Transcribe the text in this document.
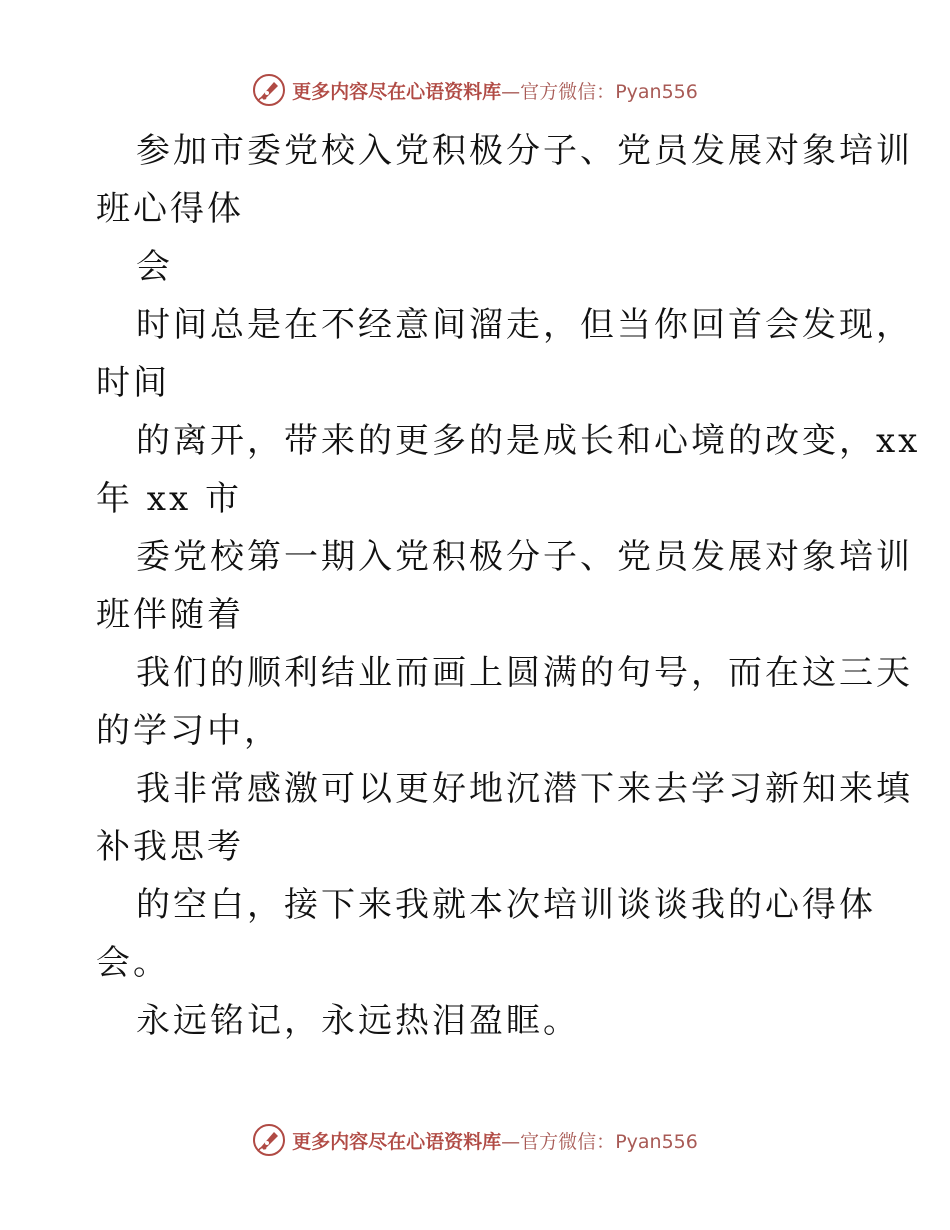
更多内容尽在心语资料库—官方微信：Pyan556
参加市委党校入党积极分子、党员发展对象培训
班心得体
会
时间总是在不经意间溜走，但当你回首会发现，
时间
的离开，带来的更多的是成长和心境的改变，xx
年 xx 市
委党校第一期入党积极分子、党员发展对象培训
班伴随着
我们的顺利结业而画上圆满的句号，而在这三天
的学习中，
我非常感激可以更好地沉潜下来去学习新知来填
补我思考
的空白，接下来我就本次培训谈谈我的心得体
会。
永远铭记，永远热泪盈眶。
更多内容尽在心语资料库—官方微信：Pyan556
